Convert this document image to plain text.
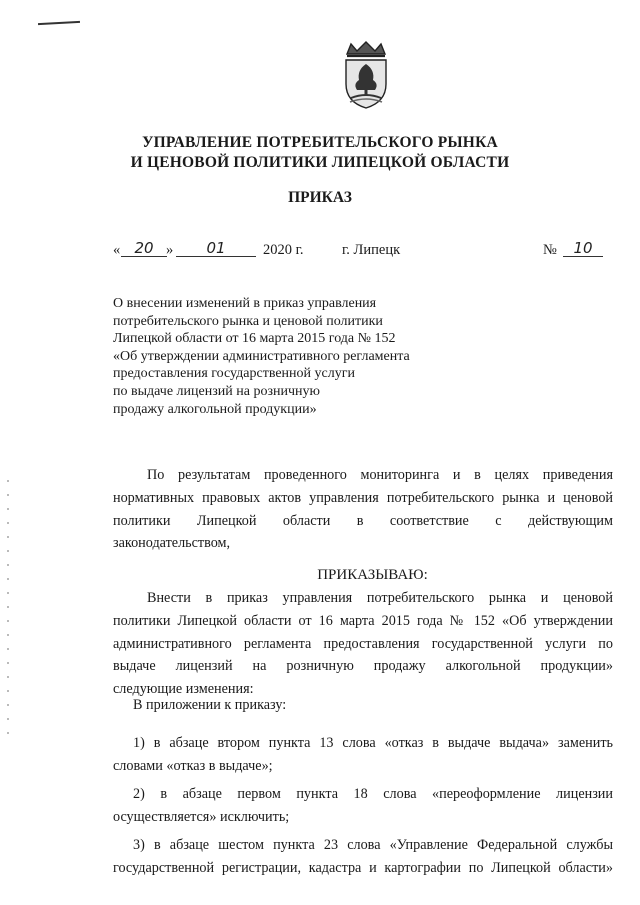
УПРАВЛЕНИЕ ПОТРЕБИТЕЛЬСКОГО РЫНКА
И ЦЕНОВОЙ ПОЛИТИКИ ЛИПЕЦКОЙ ОБЛАСТИ
ПРИКАЗ
« 20 »	01	2020 г.	г. Липецк	№	10
О внесении изменений в приказ управления
потребительского рынка и ценовой политики
Липецкой области от 16 марта 2015 года № 152
«Об утверждении административного регламента
предоставления государственной услуги
по выдаче лицензий на розничную
продажу алкогольной продукции»
По результатам проведенного мониторинга и в целях приведения
нормативных правовых актов управления потребительского рынка и ценовой
политики Липецкой области в соответствие с действующим
законодательством,
ПРИКАЗЫВАЮ:
Внести в приказ управления потребительского рынка и ценовой
политики Липецкой области от 16 марта 2015 года № 152 «Об утверждении
административного регламента предоставления государственной услуги по
выдаче лицензий на розничную продажу алкогольной продукции»
следующие изменения:
В приложении к приказу:
1) в абзаце втором пункта 13 слова «отказ в выдаче выдача» заменить
словами «отказ в выдаче»;
2) в абзаце первом пункта 18 слова «переоформление лицензии
осуществляется» исключить;
3) в абзаце шестом пункта 23 слова «Управление Федеральной службы
государственной регистрации, кадастра и картографии по Липецкой области»
